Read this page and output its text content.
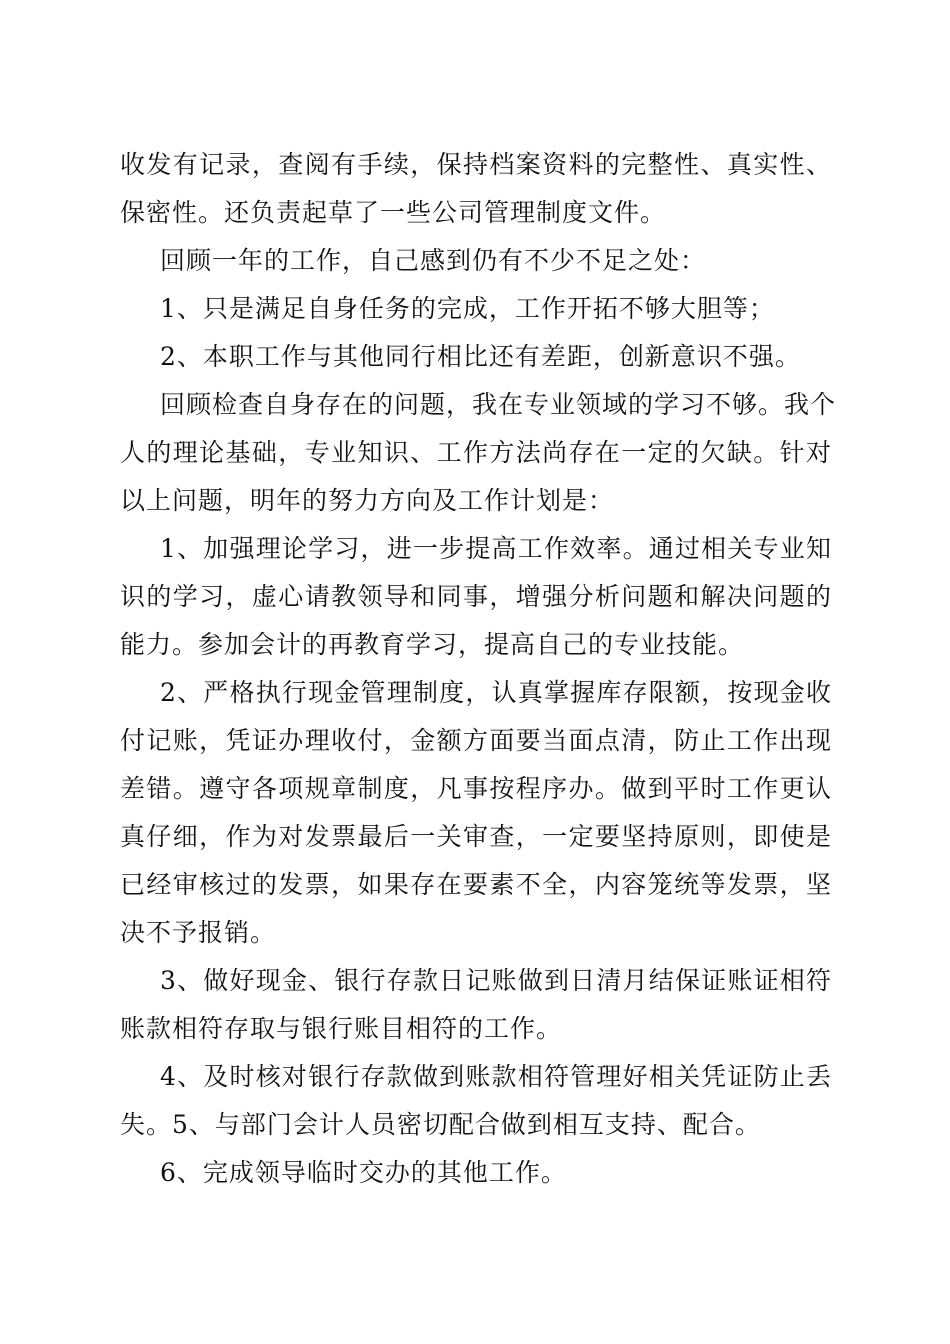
收发有记录，查阅有手续，保持档案资料的完整性、真实性、
保密性。还负责起草了一些公司管理制度文件。
回顾一年的工作，自己感到仍有不少不足之处：
1、只是满足自身任务的完成，工作开拓不够大胆等；
2、本职工作与其他同行相比还有差距，创新意识不强。
回顾检查自身存在的问题，我在专业领域的学习不够。我个
人的理论基础，专业知识、工作方法尚存在一定的欠缺。针对
以上问题，明年的努力方向及工作计划是：
1、加强理论学习，进一步提高工作效率。通过相关专业知
识的学习，虚心请教领导和同事，增强分析问题和解决问题的
能力。参加会计的再教育学习，提高自己的专业技能。
2、严格执行现金管理制度，认真掌握库存限额，按现金收
付记账，凭证办理收付，金额方面要当面点清，防止工作出现
差错。遵守各项规章制度，凡事按程序办。做到平时工作更认
真仔细，作为对发票最后一关审查，一定要坚持原则，即使是
已经审核过的发票，如果存在要素不全，内容笼统等发票，坚
决不予报销。
3、做好现金、银行存款日记账做到日清月结保证账证相符
账款相符存取与银行账目相符的工作。
4、及时核对银行存款做到账款相符管理好相关凭证防止丢
失。5、与部门会计人员密切配合做到相互支持、配合。
6、完成领导临时交办的其他工作。
